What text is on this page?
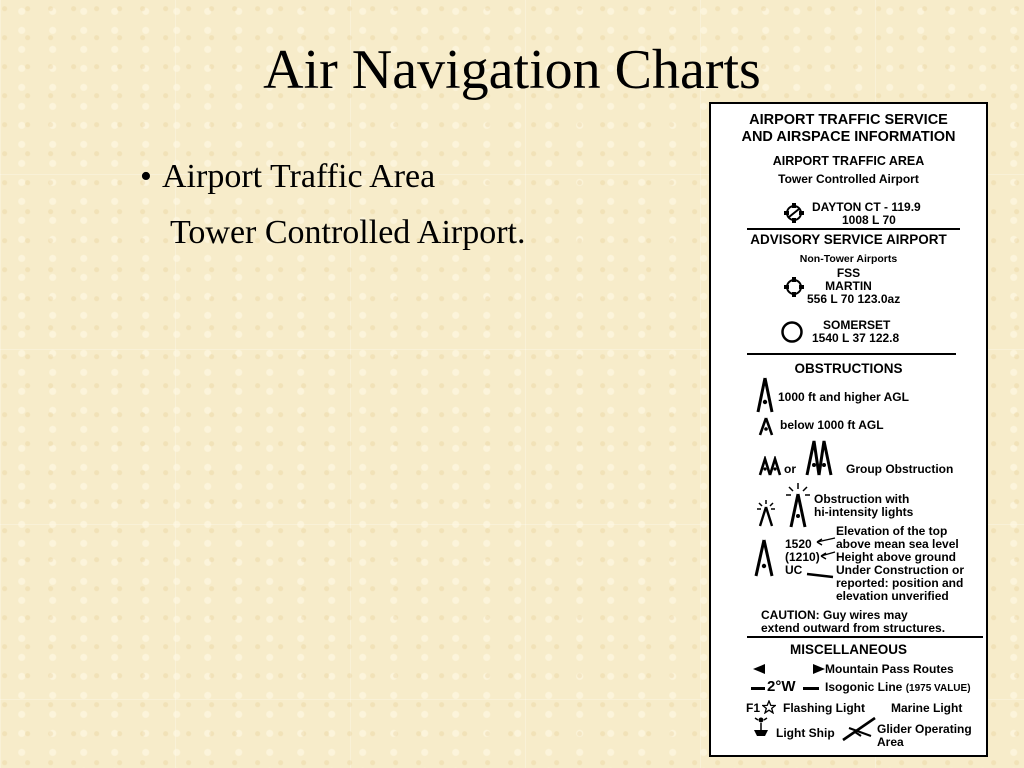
Air Navigation Charts
• Airport Traffic Area
Tower Controlled Airport.
AIRPORT TRAFFIC SERVICE
AND AIRSPACE INFORMATION
AIRPORT TRAFFIC AREA
Tower Controlled Airport
DAYTON CT - 119.9
1008 L 70
ADVISORY SERVICE AIRPORT
Non-Tower Airports
FSS
MARTIN
556 L 70 123.0az
SOMERSET
1540 L 37 122.8
OBSTRUCTIONS
1000 ft and higher AGL
below 1000 ft AGL
or	Group Obstruction
Obstruction with
hi-intensity lights
1520
(1210)
UC
Elevation of the top
above mean sea level
Height above ground
Under Construction or
reported: position and
elevation unverified
CAUTION: Guy wires may
extend outward from structures.
MISCELLANEOUS
Mountain Pass Routes
2°W Isogonic Line (1975 VALUE)
F1 Flashing Light Marine Light
Light Ship	Glider Operating
Area
